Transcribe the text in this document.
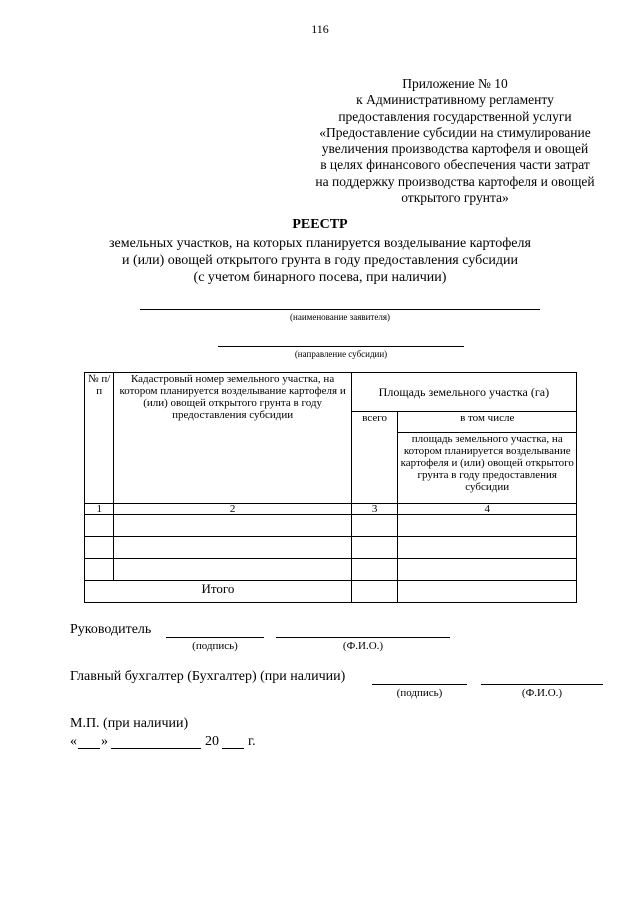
116
Приложение № 10
к Административному регламенту
предоставления государственной услуги
«Предоставление субсидии на стимулирование
увеличения производства картофеля и овощей
в целях финансового обеспечения части затрат
на поддержку производства картофеля и овощей
открытого грунта»
РЕЕСТР
земельных участков, на которых планируется возделывание картофеля
и (или) овощей открытого грунта в году предоставления субсидии
(с учетом бинарного посева, при наличии)
(наименование заявителя)
(направление субсидии)
№ п/п	Кадастровый номер земельного участка, на котором планируется возделывание картофеля и (или) овощей открытого грунта в году предоставления субсидии	Площадь земельного участка (га)	
		всего	в том числе
			площадь земельного участка, на котором планируется возделывание картофеля и (или) овощей открытого грунта в году предоставления субсидии
1	2	3	4

Итого			
Руководитель
(подпись)	(Ф.И.О.)
Главный бухгалтер (Бухгалтер) (при наличии)
(подпись)	(Ф.И.О.)
М.П. (при наличии)
« »	20 г.
